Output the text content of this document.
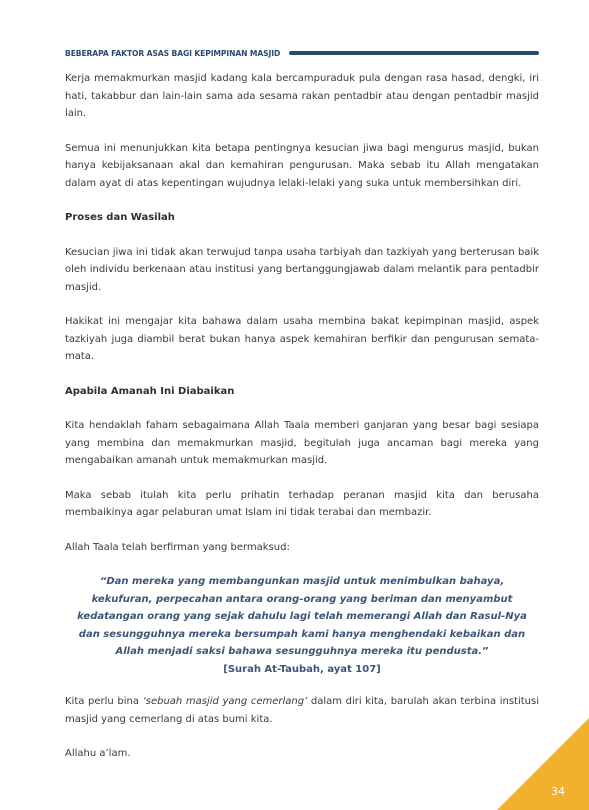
BEBERAPA FAKTOR ASAS BAGI KEPIMPINAN MASJID

Kerja memakmurkan masjid kadang kala bercampuraduk pula dengan rasa hasad, dengki, iri hati, takabbur dan lain-lain sama ada sesama rakan pentadbir atau dengan pentadbir masjid lain.

Semua ini menunjukkan kita betapa pentingnya kesucian jiwa bagi mengurus masjid, bukan hanya kebijaksanaan akal dan kemahiran pengurusan. Maka sebab itu Allah mengatakan dalam ayat di atas kepentingan wujudnya lelaki-lelaki yang suka untuk membersihkan diri.

Proses dan Wasilah

Kesucian jiwa ini tidak akan terwujud tanpa usaha tarbiyah dan tazkiyah yang berterusan baik oleh individu berkenaan atau institusi yang bertanggungjawab dalam melantik para pentadbir masjid.

Hakikat ini mengajar kita bahawa dalam usaha membina bakat kepimpinan masjid, aspek tazkiyah juga diambil berat bukan hanya aspek kemahiran berfikir dan pengurusan semata-mata.

Apabila Amanah Ini Diabaikan

Kita hendaklah faham sebagaimana Allah Taala memberi ganjaran yang besar bagi sesiapa yang membina dan memakmurkan masjid, begitulah juga ancaman bagi mereka yang mengabaikan amanah untuk memakmurkan masjid.

Maka sebab itulah kita perlu prihatin terhadap peranan masjid kita dan berusaha membaikinya agar pelaburan umat Islam ini tidak terabai dan membazir.

Allah Taala telah berfirman yang bermaksud:

“Dan mereka yang membangunkan masjid untuk menimbulkan bahaya,
kekufuran, perpecahan antara orang-orang yang beriman dan menyambut
kedatangan orang yang sejak dahulu lagi telah memerangi Allah dan Rasul-Nya
dan sesungguhnya mereka bersumpah kami hanya menghendaki kebaikan dan
Allah menjadi saksi bahawa sesungguhnya mereka itu pendusta.”
[Surah At-Taubah, ayat 107]

Kita perlu bina ‘sebuah masjid yang cemerlang’ dalam diri kita, barulah akan terbina institusi masjid yang cemerlang di atas bumi kita.

Allahu a’lam.

34
